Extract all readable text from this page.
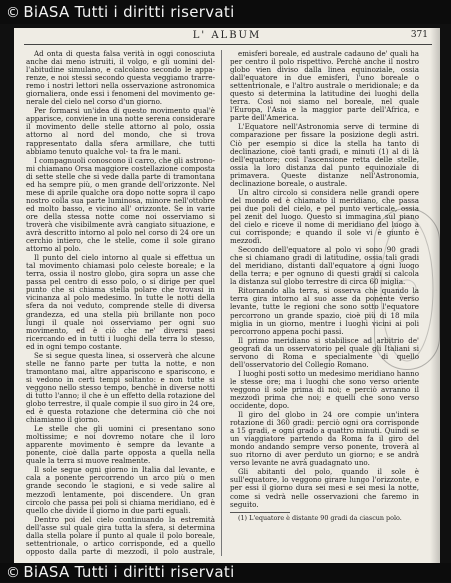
© BiASA Tutti i diritti riservati
L' ALBUM	371

Ad onta di questa falsa verità in oggi conosciuta anche dai meno istruiti, il volgo, e gli uomini del- l'abitudine simulano, e calcolano secondo le appa- renze, e noi stessi secondo questa veggiamo trarre- remo i nostri lettori nella osservazione astronomica giornaliera, onde essi i fenomeni del movimento ge- nerale del cielo nel corso d'un giorno.

Per formarsi un'idea di questo movimento qual'è apparisce, conviene in una notte serena considerare il movimento delle stelle attorno al polo, ossia attorno al nord del mondo, che si trova rappresentato dalla sfera armillare, che tutti abbiamo tenuto qualche vol- ta fra le mani.

I compagnuoli conoscono il carro, che gli astrono- mi chiamano Orsa maggiore costellazione composta di sette stelle che si vede dalla parte di tramontana ed ha sempre più, o men grande dell'orizzonte. Nel mese di aprile qualche ora dopo notte sopra il capo nostro colla sua parte luminosa, minore nell'ottobre ed molto basso, e vicino all' orizzonte. Se in varie ore della stessa notte come noi osserviamo si troverà che visibilmente avrà cangiato situazione, e avrà descritto intorno al polo nel corso di 24 ore un cerchio intiero, che le stelle, come il sole girano attorno al polo.

Il punto del cielo intorno al quale si effettua un tal movimento chiamasi polo celeste boreale; e la terra, ossia il nostro globo, gira sopra un asse che passa pel centro di esso polo, o si dirige per quel punto che si chiama stella polare che trovasi in vicinanza al polo medesimo. In tutte le notti della sfera da noi veduto, comprende stelle di diversa grandezza, ed una stella più brillante non poco lungi il quale noi osserviamo per ogni suo movimento, ed è ciò che ne' diversi paesi ricercando ed in tutti i luoghi della terra lo stesso, ed in ogni tempo costante.

Se si segue questa linea, si osserverà che alcune stelle ne fanno parte per tutta la notte, e non tramontano mai, altre appariscono e spariscono, e si vedono in certi tempi soltanto: e non tutte si veggono nello stesso tempo, benchè in diverse notti di tutto l'anno; il che è un effetto della rotazione del globo terrestre, il quale compie il suo giro in 24 ore, ed è questa rotazione che determina ciò che noi chiamiamo il giorno.

Le stelle che gli uomini ci presentano sono moltissime; e noi dovremo notare che il loro apparente movimento è sempre da levante a ponente, cioè dalla parte opposta a quella nella quale la terra si muove realmente.

Il sole segue ogni giorno in Italia dal levante, e cala a ponente percorrendo un arco più o men grande secondo le stagioni, e si vede salire al mezzodì lentamente, poi discendere. Un gran circolo che passa pei poli si chiama meridiano, ed è quello che divide il giorno in due parti eguali.

Dentro poi del cielo continuando la estremità dell'asse sul quale gira tutta la sfera, si determina dalla stella polare il punto al quale il polo boreale, settentrionale, o artico corrisponde, ed a quello opposto dalla parte di mezzodì, il polo australe,

emisferi boreale, ed australe cadauno de' quali ha per centro il polo rispettivo. Perchè anche il nostro globo vien diviso dalla linea equinoziale, ossia dall'equatore in due emisferi, l'uno boreale o settentrionale, e l'altro australe o meridionale; e da questo si determina la latitudine dei luoghi della terra. Così noi siamo nel boreale, nel quale l'Europa, l'Asia e la maggior parte dell'Africa, e parte dell'America.

L'Equatore nell'Astronomia serve di termine di comparazione per fissare la posizione degli astri. Ciò per esempio si dice la stella ha tanto di declinazione, cioè tanti gradi, e minuti (1) al di là dell'equatore; così l'ascensione retta delle stelle, ossia la loro distanza dal punto equinoziale di primavera. Queste distanze nell'Astronomia, declinazione boreale, o australe.

Un altro circolo si considera nelle grandi opere del mondo ed è chiamato il meridiano, che passa pei due poli del cielo, e pel punto verticale, ossia pel zenit del luogo. Questo si immagina sul piano del cielo e riceve il nome di meridiano del luogo a cui corrisponde; e quando il sole vi è giunto è mezzodì.

Secondo dell'equatore al polo vi sono 90 gradi che si chiamano gradi di latitudine, ossia tali gradi del meridiano, distanti dall'equatore a ogni luogo della terra; e per ognuno di questi gradi si calcola la distanza sul globo terrestre di circa 60 miglia.

Ritornando alla terra, si osserva che quando la terra gira intorno al suo asse da ponente verso levante, tutte le regioni che sono sotto l'equatore percorrono un grande spazio, cioè più di 18 mila miglia in un giorno, mentre i luoghi vicini ai poli percorrono appena pochi passi.

Il primo meridiano si stabilisce ad arbitrio de' geografi da un osservatorio pel quale gli Italiani si servono di Roma e specialmente di quello dell'osservatorio del Collegio Romano.

I luoghi posti sotto un medesimo meridiano hanno le stesse ore; ma i luoghi che sono verso oriente veggono il sole prima di noi; e perciò avranno il mezzodì prima che noi; e quelli che sono verso occidente, dopo.

Il giro del globo in 24 ore compie un'intera rotazione di 360 gradi: perciò ogni ora corrisponde a 15 gradi, e ogni grado a quattro minuti. Quindi se un viaggiatore partendo da Roma fa il giro del mondo andando sempre verso ponente, troverà al suo ritorno di aver perduto un giorno; e se andrà verso levante ne avrà guadagnato uno.

Gli abitanti del polo, quando il sole è sull'equatore, lo veggono girare lungo l'orizzonte, e per essi il giorno dura sei mesi e sei mesi la notte, come si vedrà nelle osservazioni che faremo in seguito.

(1) L'equatore è distante 90 gradi da ciascun polo.

© BiASA Tutti i diritti riservati
